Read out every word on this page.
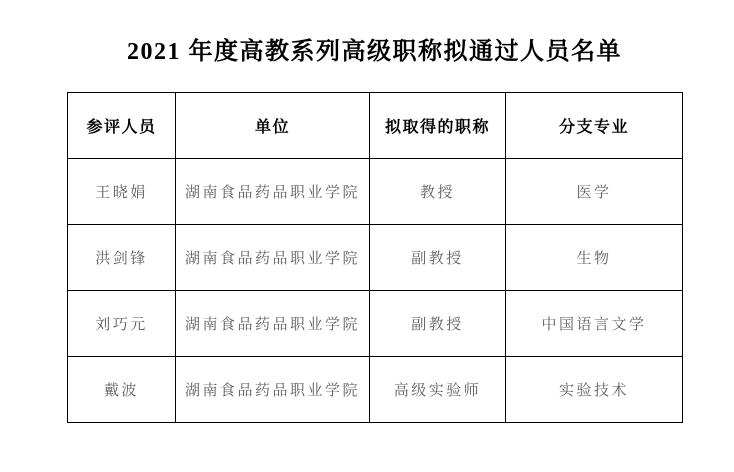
2021 年度高教系列高级职称拟通过人员名单
参评人员	单位	拟取得的职称	分支专业
王晓娟	湖南食品药品职业学院	教授	医学
洪剑锋	湖南食品药品职业学院	副教授	生物
刘巧元	湖南食品药品职业学院	副教授	中国语言文学
戴波	湖南食品药品职业学院	高级实验师	实验技术
